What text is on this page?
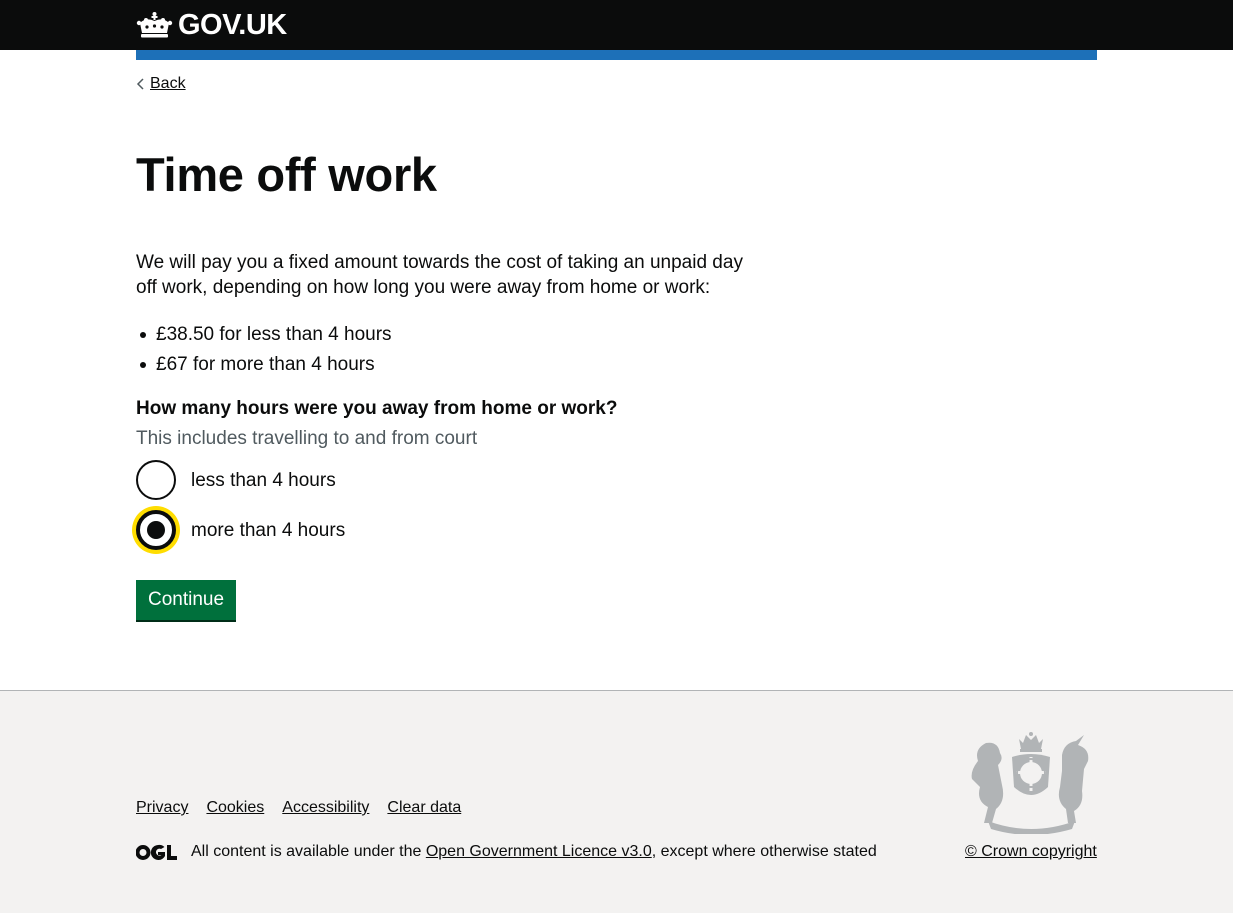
GOV.UK
Back
Time off work

We will pay you a fixed amount towards the cost of taking an unpaid day off work, depending on how long you were away from home or work:

£38.50 for less than 4 hours
£67 for more than 4 hours
How many hours were you away from home or work?
This includes travelling to and from court
less than 4 hours
more than 4 hours
Continue
Privacy Cookies Accessibility Clear data
All content is available under the
Open Government Licence v3.0 , except where otherwise stated	© Crown copyright
